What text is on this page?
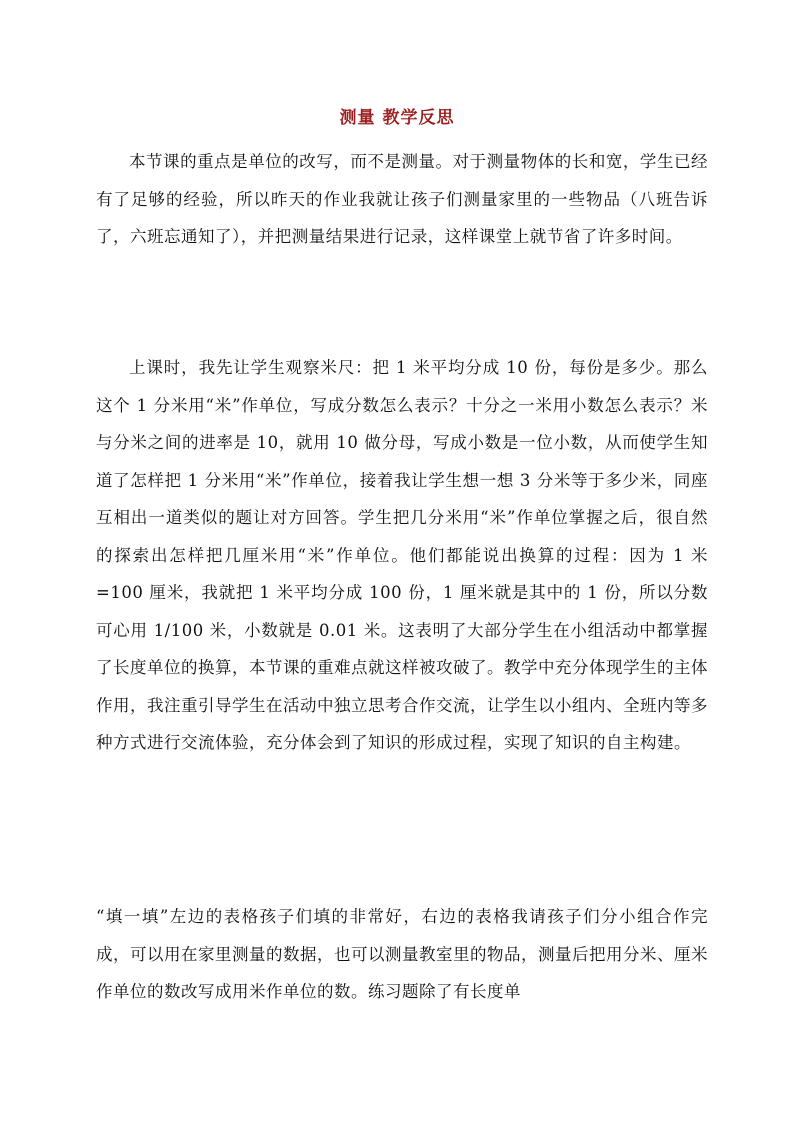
测量 教学反思

本节课的重点是单位的改写，而不是测量。对于测量物体的长和宽，学生已经有了足够的经验，所以昨天的作业我就让孩子们测量家里的一些物品（八班告诉了，六班忘通知了），并把测量结果进行记录，这样课堂上就节省了许多时间。

上课时，我先让学生观察米尺：把 1 米平均分成 10 份，每份是多少。那么这个 1 分米用“米”作单位，写成分数怎么表示？十分之一米用小数怎么表示？米与分米之间的进率是 10，就用 10 做分母，写成小数是一位小数，从而使学生知道了怎样把 1 分米用“米”作单位，接着我让学生想一想 3 分米等于多少米，同座互相出一道类似的题让对方回答。学生把几分米用“米”作单位掌握之后，很自然的探索出怎样把几厘米用“米”作单位。他们都能说出换算的过程：因为 1 米=100 厘米，我就把 1 米平均分成 100 份，1 厘米就是其中的 1 份，所以分数可心用 1/100 米，小数就是 0.01 米。这表明了大部分学生在小组活动中都掌握了长度单位的换算，本节课的重难点就这样被攻破了。教学中充分体现学生的主体作用，我注重引导学生在活动中独立思考合作交流，让学生以小组内、全班内等多种方式进行交流体验，充分体会到了知识的形成过程，实现了知识的自主构建。

“填一填”左边的表格孩子们填的非常好，右边的表格我请孩子们分小组合作完成，可以用在家里测量的数据，也可以测量教室里的物品，测量后把用分米、厘米作单位的数改写成用米作单位的数。练习题除了有长度单
